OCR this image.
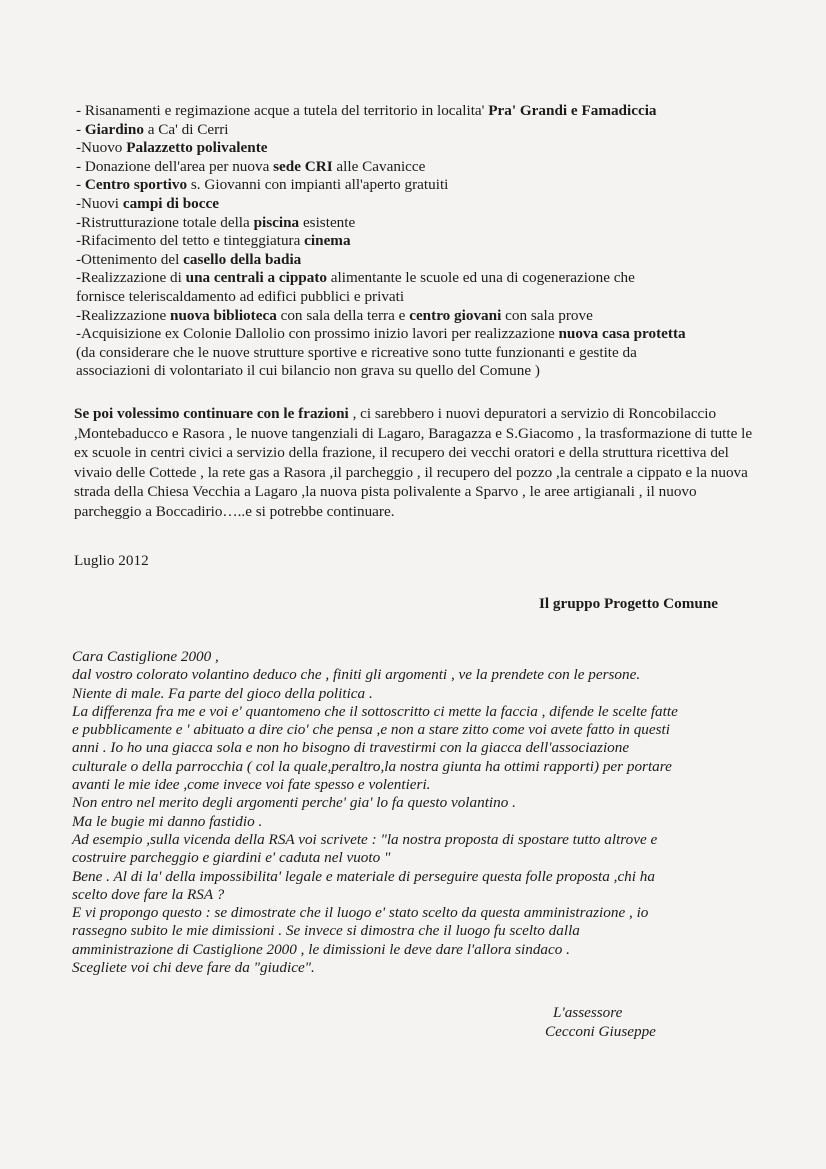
- Risanamenti e regimazione acque a tutela del territorio in localita' Pra' Grandi e Famadiccia
- Giardino a Ca' di Cerri
-Nuovo Palazzetto polivalente
- Donazione dell'area per nuova sede CRI alle Cavanicce
- Centro sportivo s. Giovanni con impianti all'aperto gratuiti
-Nuovi campi di bocce
-Ristrutturazione totale della piscina esistente
-Rifacimento del tetto e tinteggiatura cinema
-Ottenimento del casello della badia
-Realizzazione di una centrali a cippato alimentante le scuole ed una di cogenerazione che
fornisce teleriscaldamento ad edifici pubblici e privati
-Realizzazione nuova biblioteca con sala della terra e centro giovani con sala prove
-Acquisizione ex Colonie Dallolio con prossimo inizio lavori per realizzazione nuova casa protetta
(da considerare che le nuove strutture sportive e ricreative sono tutte funzionanti e gestite da
associazioni di volontariato il cui bilancio non grava su quello del Comune )
Se poi volessimo continuare con le frazioni , ci sarebbero i nuovi depuratori a servizio di Roncobilaccio ,Montebaducco e Rasora , le nuove tangenziali di Lagaro, Baragazza e S.Giacomo , la trasformazione di tutte le ex scuole in centri civici a servizio della frazione, il recupero dei vecchi oratori e della struttura ricettiva del vivaio delle Cottede , la rete gas a Rasora ,il parcheggio , il recupero del pozzo ,la centrale a cippato e la nuova strada della Chiesa Vecchia a Lagaro ,la nuova pista polivalente a Sparvo , le aree artigianali , il nuovo parcheggio a Boccadirio…..e si potrebbe continuare.
Luglio 2012
Il gruppo Progetto Comune
Cara Castiglione 2000 ,
dal vostro colorato volantino deduco che , finiti gli argomenti , ve la prendete con le persone.
Niente di male. Fa parte del gioco della politica .
La differenza fra me e voi e' quantomeno che il sottoscritto ci mette la faccia , difende le scelte fatte
e pubblicamente e ' abituato a dire cio' che pensa ,e non a stare zitto come voi avete fatto in questi
anni . Io ho una giacca sola e non ho bisogno di travestirmi con la giacca dell'associazione
culturale o della parrocchia ( col la quale,peraltro,la nostra giunta ha ottimi rapporti) per portare
avanti le mie idee ,come invece voi fate spesso e volentieri.
Non entro nel merito degli argomenti perche' gia' lo fa questo volantino .
Ma le bugie mi danno fastidio .
Ad esempio ,sulla vicenda della RSA voi scrivete : "la nostra proposta di spostare tutto altrove e
costruire parcheggio e giardini e' caduta nel vuoto "
Bene . Al di la' della impossibilita' legale e materiale di perseguire questa folle proposta ,chi ha
scelto dove fare la RSA ?
E vi propongo questo : se dimostrate che il luogo e' stato scelto da questa amministrazione , io
rassegno subito le mie dimissioni . Se invece si dimostra che il luogo fu scelto dalla
amministrazione di Castiglione 2000 , le dimissioni le deve dare l'allora sindaco .
Scegliete voi chi deve fare da "giudice".
L'assessore
Cecconi Giuseppe
